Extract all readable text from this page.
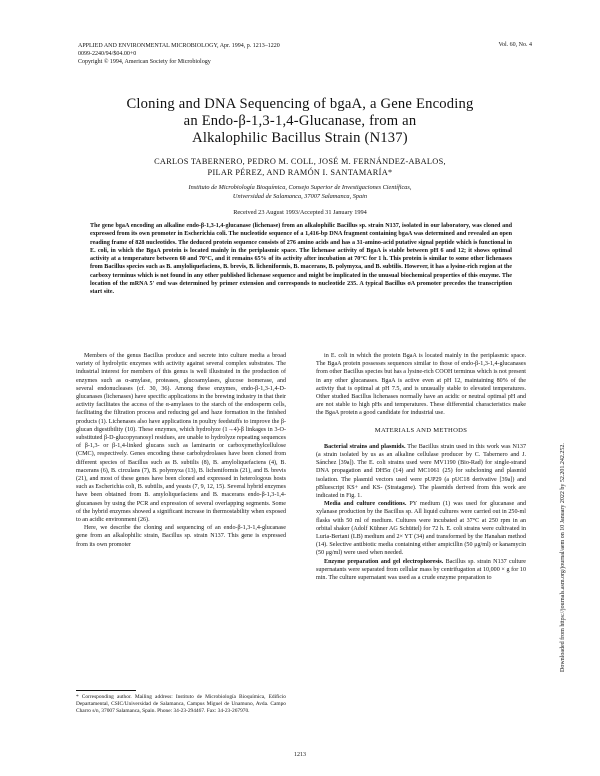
APPLIED AND ENVIRONMENTAL MICROBIOLOGY, Apr. 1994, p. 1213–1220
0099-2240/94/$04.00+0
Copyright © 1994, American Society for Microbiology
Vol. 60, No. 4
Cloning and DNA Sequencing of bgaA, a Gene Encoding
an Endo-β-1,3-1,4-Glucanase, from an
Alkalophilic Bacillus Strain (N137)
CARLOS TABERNERO, PEDRO M. COLL, JOSÉ M. FERNÁNDEZ-ABALOS,
PILAR PÉREZ, AND RAMÓN I. SANTAMARÍA*
Instituto de Microbiología Bioquímica, Consejo Superior de Investigaciones Científicas,
Universidad de Salamanca, 37007 Salamanca, Spain
Received 23 August 1993/Accepted 31 January 1994
The gene bgaA encoding an alkaline endo-β-1,3-1,4-glucanase (lichenase) from an alkalophilic Bacillus sp. strain N137, isolated in our laboratory, was cloned and expressed from its own promoter in Escherichia coli. The nucleotide sequence of a 1,416-bp DNA fragment containing bgaA was determined and revealed an open reading frame of 828 nucleotides. The deduced protein sequence consists of 276 amino acids and has a 31-amino-acid putative signal peptide which is functional in E. coli, in which the BgaA protein is located mainly in the periplasmic space. The lichenase activity of BgaA is stable between pH 6 and 12; it shows optimal activity at a temperature between 60 and 70°C, and it remains 65% of its activity after incubation at 70°C for 1 h. This protein is similar to some other lichenases from Bacillus species such as B. amyloliquefaciens, B. brevis, B. licheniformis, B. macerans, B. polymyxa, and B. subtilis. However, it has a lysine-rich region at the carboxy terminus which is not found in any other published lichenase sequence and might be implicated in the unusual biochemical properties of this enzyme. The location of the mRNA 5′ end was determined by primer extension and corresponds to nucleotide 235. A typical Bacillus σA promoter precedes the transcription start site.

Members of the genus Bacillus produce and secrete into culture media a broad variety of hydrolytic enzymes with activity against several complex substrates. The industrial interest for members of this genus is well illustrated in the production of enzymes such as α-amylase, proteases, glucoamylases, glucose isomerase, and several endonucleases (cf. 30, 36). Among these enzymes, endo-β-1,3-1,4-D-glucanases (lichenases) have specific applications in the brewing industry in that their activity facilitates the access of the α-amylases to the starch of the endosperm cells, facilitating the filtration process and reducing gel and haze formation in the finished products (1). Lichenases also have applications in poultry feedstuffs to improve the β-glucan digestibility (10). These enzymes, which hydrolyze (1→4)-β linkages in 3-O-substituted β-D-glucopyranosyl residues, are unable to hydrolyze repeating sequences of β-1,3- or β-1,4-linked glucans such as laminarin or carboxymethylcellulose (CMC), respectively. Genes encoding these carbohydrolases have been cloned from different species of Bacillus such as B. subtilis (8), B. amyloliquefaciens (4), B. macerans (6), B. circulans (7), B. polymyxa (13), B. licheniformis (21), and B. brevis (21), and most of these genes have been cloned and expressed in heterologous hosts such as Escherichia coli, B. subtilis, and yeasts (7, 9, 12, 15). Several hybrid enzymes have been obtained from B. amyloliquefaciens and B. macerans endo-β-1,3-1,4-glucanases by using the PCR and expression of several overlapping segments. Some of the hybrid enzymes showed a significant increase in thermostability when exposed to an acidic environment (26).

Here, we describe the cloning and sequencing of an endo-β-1,3-1,4-glucanase gene from an alkalophilic strain, Bacillus sp. strain N137. This gene is expressed from its own promoter

in E. coli in which the protein BgaA is located mainly in the periplasmic space. The BgaA protein possesses sequences similar to those of endo-β-1,3-1,4-glucanases from other Bacillus species but has a lysine-rich COOH terminus which is not present in any other glucanases. BgaA is active even at pH 12, maintaining 80% of the activity that is optimal at pH 7.5, and is unusually stable to elevated temperatures. Other studied Bacillus lichenases normally have an acidic or neutral optimal pH and are not stable to high pHs and temperatures. These differential characteristics make the BgaA protein a good candidate for industrial use.

MATERIALS AND METHODS

Bacterial strains and plasmids. The Bacillus strain used in this work was N137 (a strain isolated by us as an alkaline cellulase producer by C. Tabernero and J. Sánchez [39a]). The E. coli strains used were MV1190 (Bio-Rad) for single-strand DNA propagation and DH5α (14) and MC1061 (25) for subcloning and plasmid isolation. The plasmid vectors used were pUP29 (a pUC18 derivative [39a]) and pBluescript KS+ and KS- (Stratagene). The plasmids derived from this work are indicated in Fig. 1.

Media and culture conditions. PY medium (1) was used for glucanase and xylanase production by the Bacillus sp. All liquid cultures were carried out in 250-ml flasks with 50 ml of medium. Cultures were incubated at 37°C at 250 rpm in an orbital shaker (Adolf Kühner AG Schüttel) for 72 h. E. coli strains were cultivated in Luria-Bertani (LB) medium and 2× YT (34) and transformed by the Hanahan method (14). Selective antibiotic media containing either ampicillin (50 μg/ml) or kanamycin (50 μg/ml) were used when needed.

Enzyme preparation and gel electrophoresis. Bacillus sp. strain N137 culture supernatants were separated from cellular mass by centrifugation at 10,000 × g for 10 min. The culture supernatant was used as a crude enzyme preparation to

* Corresponding author. Mailing address: Instituto de Microbiología Bioquímica, Edificio Departamental, CSIC/Universidad de Salamanca, Campus Miguel de Unamuno, Avda. Campo Charro s/n, 37007 Salamanca, Spain. Phone: 34-23-294467. Fax: 34-23-267970.
1213
Downloaded from https://journals.asm.org/journal/aem on 10 January 2022 by 52.201.242.252.
